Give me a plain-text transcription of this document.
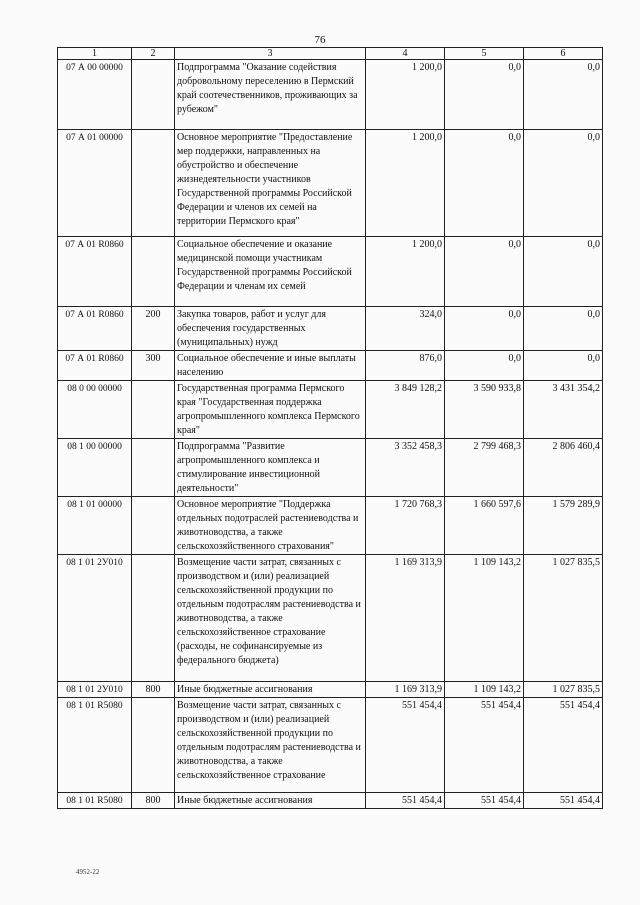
76
1	2	3	4	5	6
07 А 00 00000		Подпрограмма "Оказание содействия добровольному переселению в Пермский край соотечественников, проживающих за рубежом"	1 200,0	0,0	0,0
07 А 01 00000		Основное мероприятие "Предоставление мер поддержки, направленных на обустройство и обеспечение жизнедеятельности участников Государственной программы Российской Федерации и членов их семей на территории Пермского края"	1 200,0	0,0	0,0
07 А 01 R0860		Социальное обеспечение и оказание медицинской помощи участникам Государственной программы Российской Федерации и членам их семей	1 200,0	0,0	0,0
07 А 01 R0860	200	Закупка товаров, работ и услуг для обеспечения государственных (муниципальных) нужд	324,0	0,0	0,0
07 А 01 R0860	300	Социальное обеспечение и иные выплаты населению	876,0	0,0	0,0
08 0 00 00000		Государственная программа Пермского края "Государственная поддержка агропромышленного комплекса Пермского края"	3 849 128,2	3 590 933,8	3 431 354,2
08 1 00 00000		Подпрограмма "Развитие агропромышленного комплекса и стимулирование инвестиционной деятельности"	3 352 458,3	2 799 468,3	2 806 460,4
08 1 01 00000		Основное мероприятие "Поддержка отдельных подотраслей растениеводства и животноводства, а также сельскохозяйственного страхования"	1 720 768,3	1 660 597,6	1 579 289,9
08 1 01 2У010		Возмещение части затрат, связанных с производством и (или) реализацией сельскохозяйственной продукции по отдельным подотраслям растениеводства и животноводства, а также сельскохозяйственное страхование (расходы, не софинансируемые из федерального бюджета)	1 169 313,9	1 109 143,2	1 027 835,5
08 1 01 2У010	800	Иные бюджетные ассигнования	1 169 313,9	1 109 143,2	1 027 835,5
08 1 01 R5080		Возмещение части затрат, связанных с производством и (или) реализацией сельскохозяйственной продукции по отдельным подотраслям растениеводства и животноводства, а также сельскохозяйственное страхование	551 454,4	551 454,4	551 454,4
08 1 01 R5080	800	Иные бюджетные ассигнования	551 454,4	551 454,4	551 454,4
4952-22
